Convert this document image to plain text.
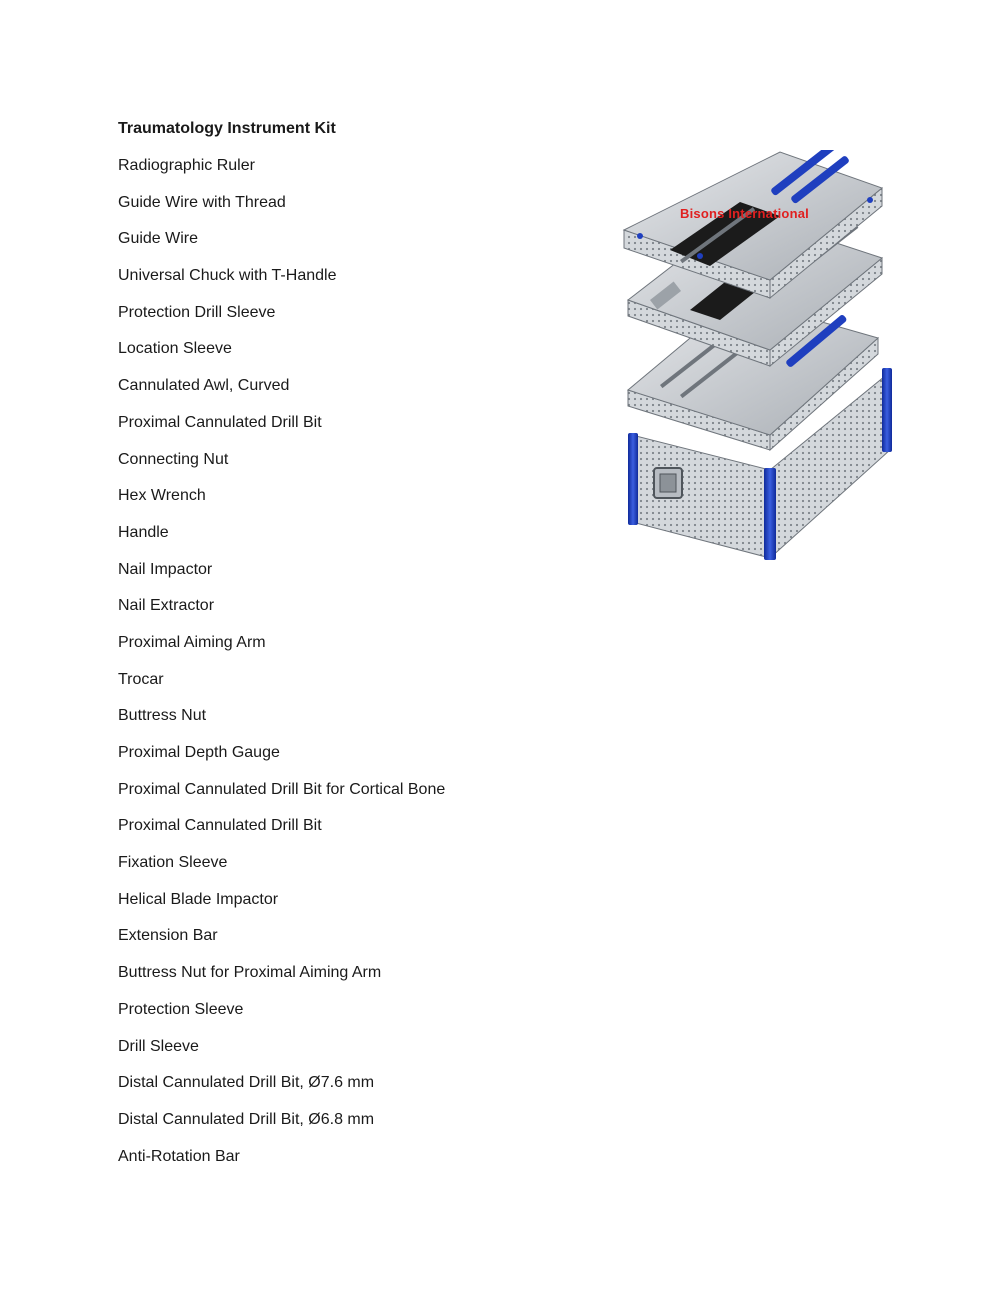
Traumatology Instrument Kit
Radiographic Ruler
Guide Wire with Thread
Guide Wire
Universal Chuck with T-Handle
Protection Drill Sleeve
Location Sleeve
Cannulated Awl, Curved
Proximal Cannulated Drill Bit
Connecting Nut
Hex Wrench
Handle
Nail Impactor
Nail Extractor
Proximal Aiming Arm
Trocar
Buttress Nut
Proximal Depth Gauge
Proximal Cannulated Drill Bit for Cortical Bone
Proximal Cannulated Drill Bit
Fixation Sleeve
Helical Blade Impactor
Extension Bar
Buttress Nut for Proximal Aiming Arm
Protection Sleeve
Drill Sleeve
Distal Cannulated Drill Bit, Ø7.6 mm
Distal Cannulated Drill Bit, Ø6.8 mm
Anti-Rotation Bar
Bisons International
